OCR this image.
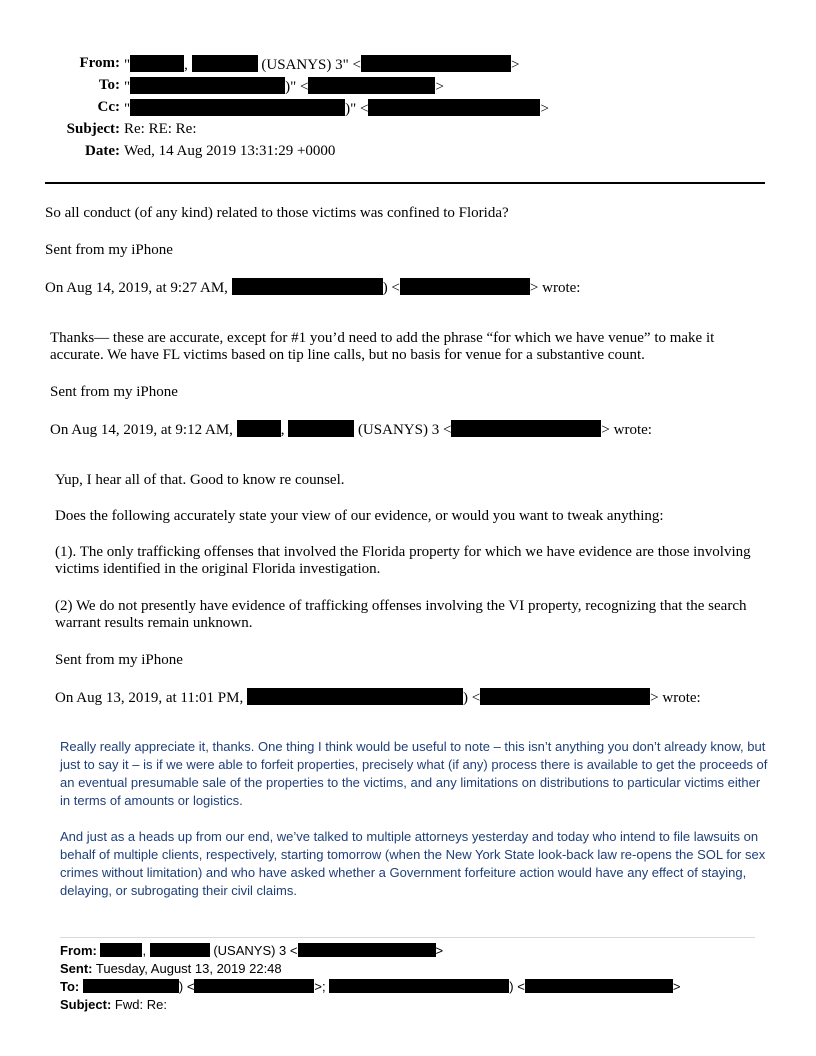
From: "	,	(USANYS) 3" <	>
To: "	)" <	>
Cc: "	)" <	>
Subject: Re: RE: Re:
Date: Wed, 14 Aug 2019 13:31:29 +0000
So all conduct (of any kind) related to those victims was confined to Florida?
Sent from my iPhone
On Aug 14, 2019, at 9:27 AM,	) <	> wrote:
Thanks— these are accurate, except for #1 you’d need to add the phrase “for which we have venue” to make it accurate. We have FL victims based on tip line calls, but no basis for venue for a substantive count.
Sent from my iPhone
On Aug 14, 2019, at 9:12 AM,	,	(USANYS) 3 <	> wrote:
Yup, I hear all of that. Good to know re counsel.
Does the following accurately state your view of our evidence, or would you want to tweak anything:
(1). The only trafficking offenses that involved the Florida property for which we have evidence are those involving victims identified in the original Florida investigation.
(2) We do not presently have evidence of trafficking offenses involving the VI property, recognizing that the search warrant results remain unknown.
Sent from my iPhone
On Aug 13, 2019, at 11:01 PM,	) <	> wrote:
Really really appreciate it, thanks. One thing I think would be useful to note – this isn’t anything you don’t already know, but just to say it – is if we were able to forfeit properties, precisely what (if any) process there is available to get the proceeds of an eventual presumable sale of the properties to the victims, and any limitations on distributions to particular victims either in terms of amounts or logistics.
And just as a heads up from our end, we’ve talked to multiple attorneys yesterday and today who intend to file lawsuits on behalf of multiple clients, respectively, starting tomorrow (when the New York State look-back law re-opens the SOL for sex crimes without limitation) and who have asked whether a Government forfeiture action would have any effect of staying, delaying, or subrogating their civil claims.
From:	,	(USANYS) 3 <	>
Sent: Tuesday, August 13, 2019 22:48
To:	) <	>;	) <	>
Subject: Fwd: Re:
